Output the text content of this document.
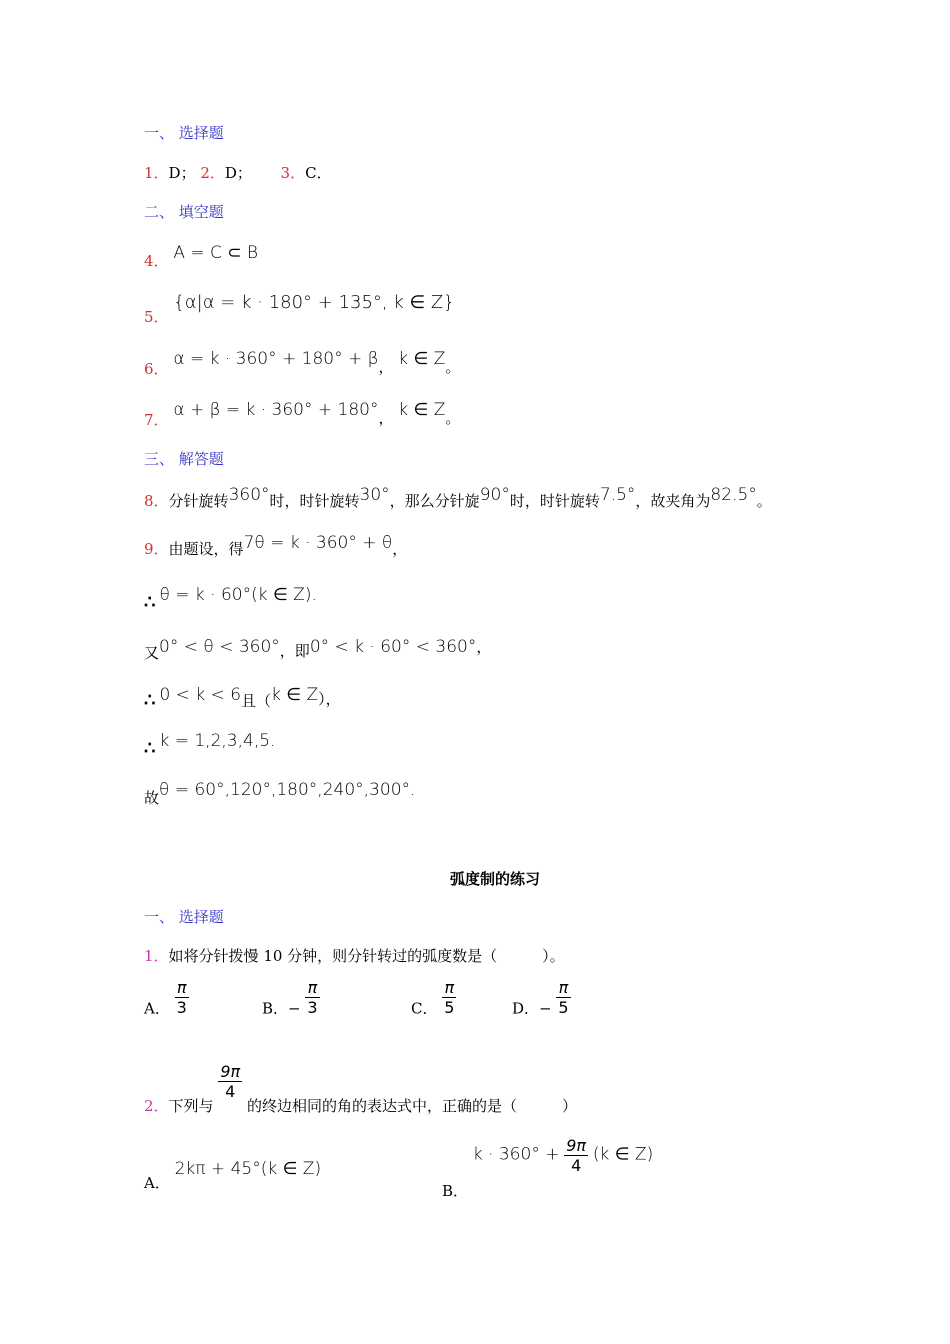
一、 选择题
1．D； 2．D； 3．C．
二、 填空题
4． A = C ⊂ B
5． {α|α = k · 180° + 135°, k ∈ Z}
6． α = k · 360° + 180° + β， k ∈ Z。
7． α + β = k · 360° + 180°， k ∈ Z。
三、 解答题
8．分针旋转360°时，时针旋转30°，那么分针旋90°时，时针旋转7.5°，故夹角为82.5°。
9．由题设，得7θ = k · 360° + θ，
∴ θ = k · 60°(k ∈ Z).
又0° < θ < 360°，即0° < k · 60° < 360°，
∴ 0 < k < 6且（k ∈ Z），
∴ k = 1,2,3,4,5.
故θ = 60°,120°,180°,240°,300°.
弧度制的练习
一、 选择题
1．如将分针拨慢 10 分钟，则分针转过的弧度数是（　　　）。
A． $\frac{\pi}{3}$	B．− $\frac{\pi}{3}$	C． $\frac{\pi}{5}$	D．− $\frac{\pi}{5}$
2．下列与
$\frac{9\pi}{4}$
的终边相同的角的表达式中，正确的是（　　　）
A． 2kπ + 45°(k ∈ Z)
B． $k \cdot 360^\circ + \frac{9\pi}{4} (k$ ∈ Z)
